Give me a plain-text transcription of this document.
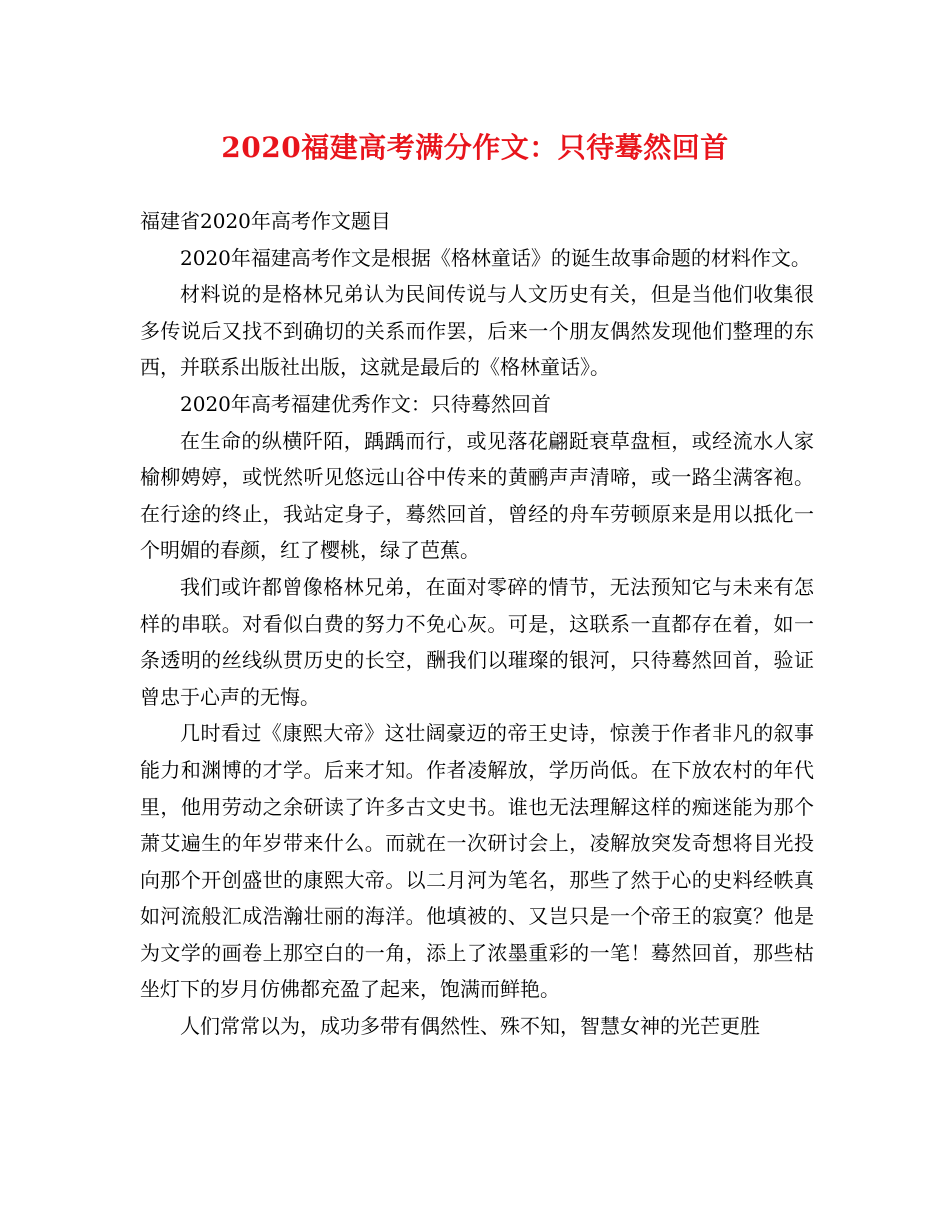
2020福建高考满分作文：只待蓦然回首

福建省2020年高考作文题目

2020年福建高考作文是根据《格林童话》的诞生故事命题的材料作文。

材料说的是格林兄弟认为民间传说与人文历史有关，但是当他们收集很多传说后又找不到确切的关系而作罢，后来一个朋友偶然发现他们整理的东西，并联系出版社出版，这就是最后的《格林童话》。

2020年高考福建优秀作文：只待蓦然回首

在生命的纵横阡陌，踽踽而行，或见落花翩跹衰草盘桓，或经流水人家榆柳娉婷，或恍然听见悠远山谷中传来的黄鹂声声清啼，或一路尘满客袍。在行途的终止，我站定身子，蓦然回首，曾经的舟车劳顿原来是用以抵化一个明媚的春颜，红了樱桃，绿了芭蕉。

我们或许都曾像格林兄弟，在面对零碎的情节，无法预知它与未来有怎样的串联。对看似白费的努力不免心灰。可是，这联系一直都存在着，如一条透明的丝线纵贯历史的长空，酬我们以璀璨的银河，只待蓦然回首，验证曾忠于心声的无悔。

几时看过《康熙大帝》这壮阔豪迈的帝王史诗，惊羡于作者非凡的叙事能力和渊博的才学。后来才知。作者凌解放，学历尚低。在下放农村的年代里，他用劳动之余研读了许多古文史书。谁也无法理解这样的痴迷能为那个萧艾遍生的年岁带来什么。而就在一次研讨会上，凌解放突发奇想将目光投向那个开创盛世的康熙大帝。以二月河为笔名，那些了然于心的史料经帙真如河流般汇成浩瀚壮丽的海洋。他填被的、又岂只是一个帝王的寂寞？他是为文学的画卷上那空白的一角，添上了浓墨重彩的一笔！蓦然回首，那些枯坐灯下的岁月仿佛都充盈了起来，饱满而鲜艳。

人们常常以为，成功多带有偶然性、殊不知，智慧女神的光芒更胜
